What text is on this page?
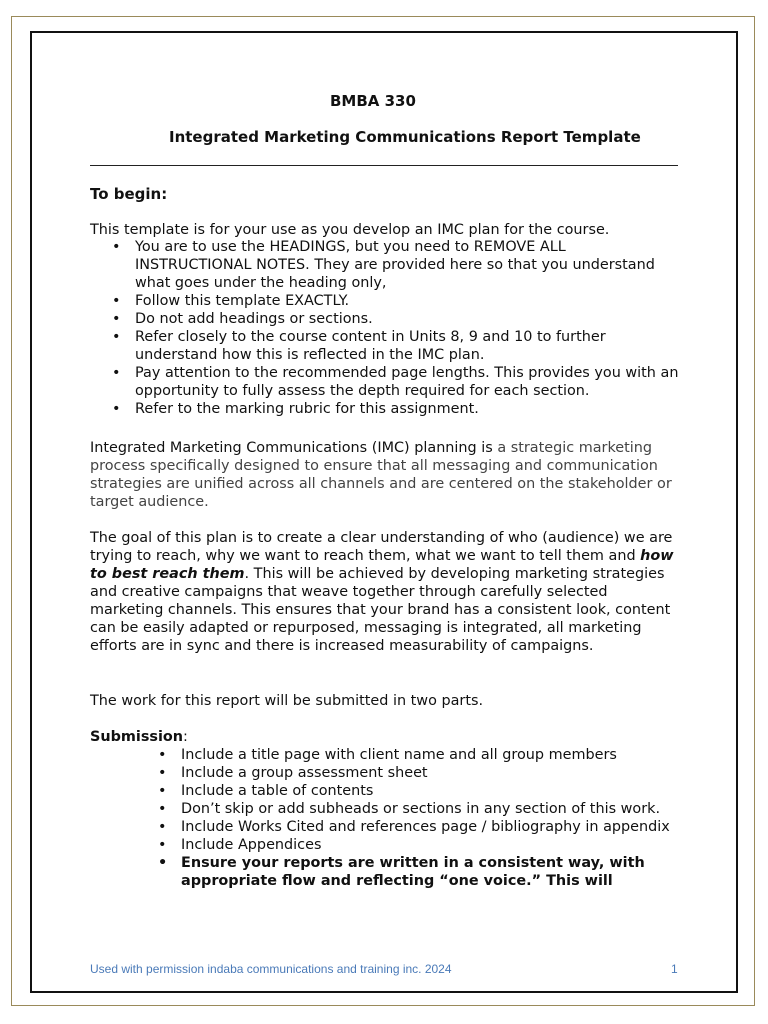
BMBA 330

Integrated Marketing Communications Report Template

To begin:

This template is for your use as you develop an IMC plan for the course.

• You are to use the HEADINGS, but you need to REMOVE ALL INSTRUCTIONAL NOTES. They are provided here so that you understand what goes under the heading only,
• Follow this template EXACTLY.
• Do not add headings or sections.
• Refer closely to the course content in Units 8, 9 and 10 to further understand how this is reflected in the IMC plan.
• Pay attention to the recommended page lengths. This provides you with an opportunity to fully assess the depth required for each section.
• Refer to the marking rubric for this assignment.

Integrated Marketing Communications (IMC) planning is a strategic marketing process specifically designed to ensure that all messaging and communication strategies are unified across all channels and are centered on the stakeholder or target audience.

The goal of this plan is to create a clear understanding of who (audience) we are trying to reach, why we want to reach them, what we want to tell them and how to best reach them. This will be achieved by developing marketing strategies and creative campaigns that weave together through carefully selected marketing channels. This ensures that your brand has a consistent look, content can be easily adapted or repurposed, messaging is integrated, all marketing efforts are in sync and there is increased measurability of campaigns.

The work for this report will be submitted in two parts.

Submission:

• Include a title page with client name and all group members
• Include a group assessment sheet
• Include a table of contents
• Don’t skip or add subheads or sections in any section of this work.
• Include Works Cited and references page / bibliography in appendix
• Include Appendices
• Ensure your reports are written in a consistent way, with appropriate flow and reflecting “one voice.” This will
Used with permission indaba communications and training inc. 2024	1
